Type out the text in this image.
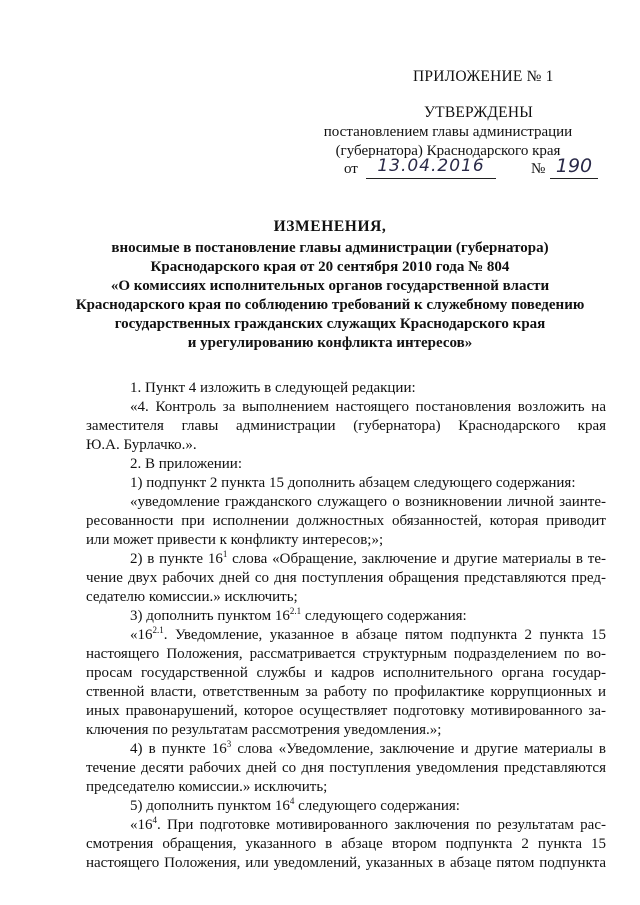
ПРИЛОЖЕНИЕ № 1
УТВЕРЖДЕНЫ
постановлением главы администрации
(губернатора) Краснодарского края
от	13.04.2016	№ 190
ИЗМЕНЕНИЯ,
вносимые в постановление главы администрации (губернатора)
Краснодарского края от 20 сентября 2010 года № 804
«О комиссиях исполнительных органов государственной власти
Краснодарского края по соблюдению требований к служебному поведению
государственных гражданских служащих Краснодарского края
и урегулированию конфликта интересов»
1. Пункт 4 изложить в следующей редакции:
«4. Контроль за выполнением настоящего постановления возложить на
заместителя главы администрации (губернатора) Краснодарского края
Ю.А. Бурлачко.».
2. В приложении:
1) подпункт 2 пункта 15 дополнить абзацем следующего содержания:
«уведомление гражданского служащего о возникновении личной заинте-
ресованности при исполнении должностных обязанностей, которая приводит
или может привести к конфликту интересов;»;
2) в пункте $16^1$ слова «Обращение, заключение и другие материалы в те-
чение двух рабочих дней со дня поступления обращения представляются пред-
седателю комиссии.» исключить;
3) дополнить пунктом $16^{2.1}$ следующего содержания:
«$16^{2.1}$. Уведомление, указанное в абзаце пятом подпункта 2 пункта 15
настоящего Положения, рассматривается структурным подразделением по во-
просам государственной службы и кадров исполнительного органа государ-
ственной власти, ответственным за работу по профилактике коррупционных и
иных правонарушений, которое осуществляет подготовку мотивированного за-
ключения по результатам рассмотрения уведомления.»;
4) в пункте $16^3$ слова «Уведомление, заключение и другие материалы в
течение десяти рабочих дней со дня поступления уведомления представляются
председателю комиссии.» исключить;
5) дополнить пунктом $16^4$ следующего содержания:
«$16^4$. При подготовке мотивированного заключения по результатам рас-
смотрения обращения, указанного в абзаце втором подпункта 2 пункта 15
настоящего Положения, или уведомлений, указанных в абзаце пятом подпункта
